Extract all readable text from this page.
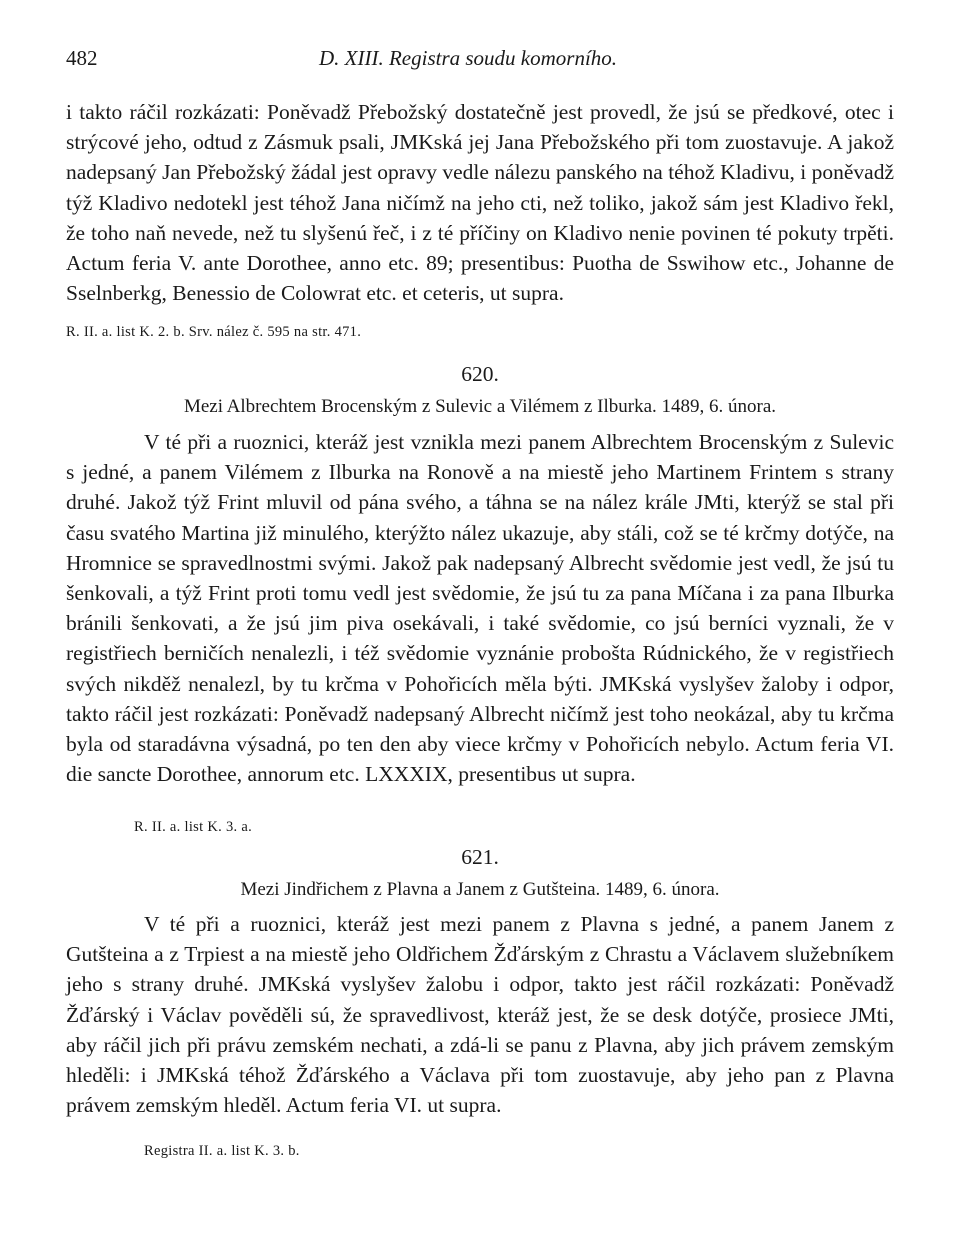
482	D. XIII. Registra soudu komorního.

i takto ráčil rozkázati: Poněvadž Přebožský dostatečně jest provedl, že jsú se předkové, otec i strýcové jeho, odtud z Zásmuk psali, JMKská jej Jana Přebožského při tom zuostavuje. A jakož nadepsaný Jan Přebožský žádal jest opravy vedle nálezu panského na téhož Kladivu, i poněvadž týž Kladivo nedotekl jest téhož Jana ničímž na jeho cti, než toliko, jakož sám jest Kladivo řekl, že toho naň nevede, než tu slyšenú řeč, i z té příčiny on Kladivo nenie povinen té pokuty trpěti. Actum feria V. ante Dorothee, anno etc. 89; presentibus: Puotha de Sswihow etc., Johanne de Sselnberkg, Benessio de Colowrat etc. et ceteris, ut supra.

R. II. a. list K. 2. b. Srv. nález č. 595 na str. 471.

620.

Mezi Albrechtem Brocenským z Sulevic a Vilémem z Ilburka. 1489, 6. února.

V té při a ruoznici, kteráž jest vznikla mezi panem Albrechtem Brocenským z Sulevic s jedné, a panem Vilémem z Ilburka na Ronově a na miestě jeho Martinem Frintem s strany druhé. Jakož týž Frint mluvil od pána svého, a táhna se na nález krále JMti, kterýž se stal při času svatého Martina již minulého, kterýžto nález ukazuje, aby stáli, což se té krčmy dotýče, na Hromnice se spravedlnostmi svými. Jakož pak nadepsaný Albrecht svědomie jest vedl, že jsú tu šenkovali, a týž Frint proti tomu vedl jest svědomie, že jsú tu za pana Míčana i za pana Ilburka bránili šenkovati, a že jsú jim piva osekávali, i také svědomie, co jsú berníci vyznali, že v registřiech berničích nenalezli, i též svědomie vyznánie probošta Rúdnického, že v registřiech svých nikděž nenalezl, by tu krčma v Pohořicích měla býti. JMKská vyslyšev žaloby i odpor, takto ráčil jest rozkázati: Poněvadž nadepsaný Albrecht ničímž jest toho neokázal, aby tu krčma byla od staradávna výsadná, po ten den aby viece krčmy v Pohořicích nebylo. Actum feria VI. die sancte Dorothee, annorum etc. LXXXIX, presentibus ut supra.

R. II. a. list K. 3. a.

621.

Mezi Jindřichem z Plavna a Janem z Gutšteina. 1489, 6. února.

V té při a ruoznici, kteráž jest mezi panem z Plavna s jedné, a panem Janem z Gutšteina a z Trpiest a na miestě jeho Oldřichem Žďárským z Chrastu a Václavem služebníkem jeho s strany druhé. JMKská vyslyšev žalobu i odpor, takto jest ráčil rozkázati: Poněvadž Žďárský i Václav pověděli sú, že spravedlivost, kteráž jest, že se desk dotýče, prosiece JMti, aby ráčil jich při právu zemském nechati, a zdá-li se panu z Plavna, aby jich právem zemským hleděli: i JMKská téhož Žďárského a Václava při tom zuostavuje, aby jeho pan z Plavna právem zemským hleděl. Actum feria VI. ut supra.

Registra II. a. list K. 3. b.
